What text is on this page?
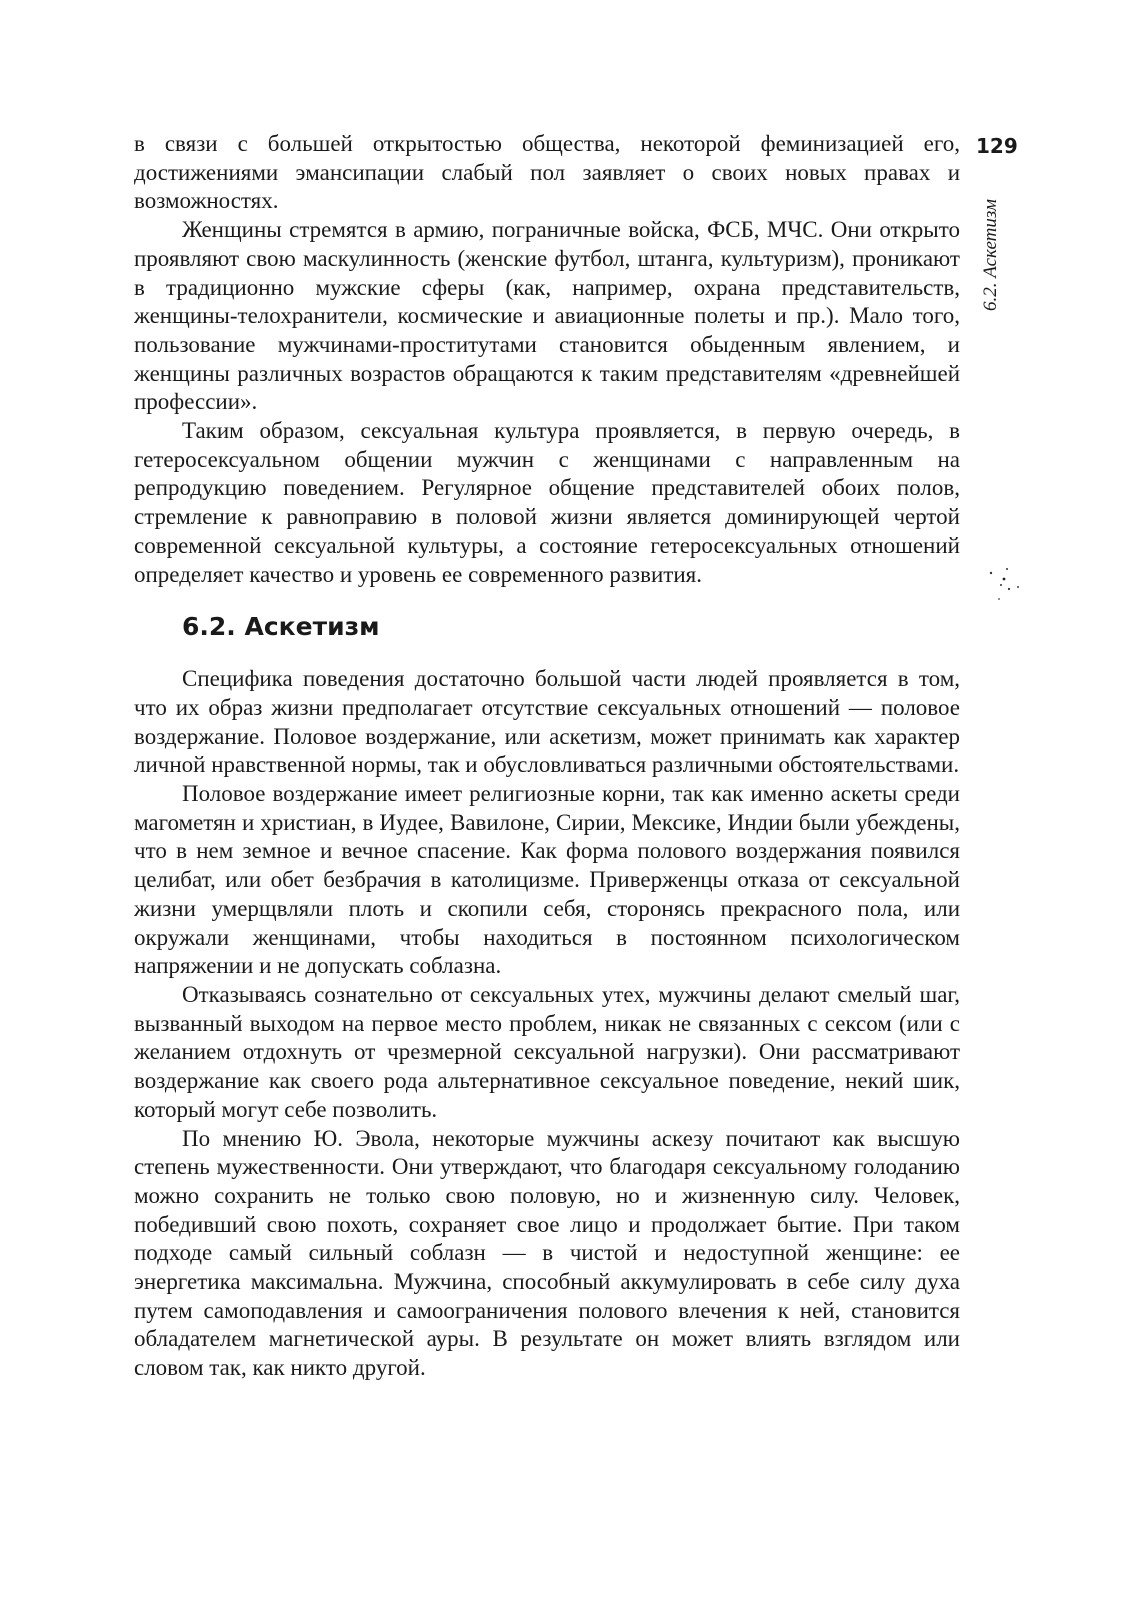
129
6.2. Аскетизм

в связи с большей открытостью общества, некоторой феминизацией его, достижениями эмансипации слабый пол заявляет о своих новых правах и возможностях.

Женщины стремятся в армию, пограничные войска, ФСБ, МЧС. Они открыто проявляют свою маскулинность (женские футбол, штанга, культуризм), проникают в традиционно мужские сферы (как, например, охрана представительств, женщины-телохранители, космические и авиационные полеты и пр.). Мало того, пользование мужчинами-проститутами становится обыденным явлением, и женщины различных возрастов обращаются к таким представителям «древнейшей профессии».

Таким образом, сексуальная культура проявляется, в первую очередь, в гетеросексуальном общении мужчин с женщинами с направленным на репродукцию поведением. Регулярное общение представителей обоих полов, стремление к равноправию в половой жизни является доминирующей чертой современной сексуальной культуры, а состояние гетеросексуальных отношений определяет качество и уровень ее современного развития.

6.2. Аскетизм

Специфика поведения достаточно большой части людей проявляется в том, что их образ жизни предполагает отсутствие сексуальных отношений — половое воздержание. Половое воздержание, или аскетизм, может принимать как характер личной нравственной нормы, так и обусловливаться различными обстоятельствами.

Половое воздержание имеет религиозные корни, так как именно аскеты среди магометян и христиан, в Иудее, Вавилоне, Сирии, Мексике, Индии были убеждены, что в нем земное и вечное спасение. Как форма полового воздержания появился целибат, или обет безбрачия в католицизме. Приверженцы отказа от сексуальной жизни умерщвляли плоть и скопили себя, сторонясь прекрасного пола, или окружали женщинами, чтобы находиться в постоянном психологическом напряжении и не допускать соблазна.

Отказываясь сознательно от сексуальных утех, мужчины делают смелый шаг, вызванный выходом на первое место проблем, никак не связанных с сексом (или с желанием отдохнуть от чрезмерной сексуальной нагрузки). Они рассматривают воздержание как своего рода альтернативное сексуальное поведение, некий шик, который могут себе позволить.

По мнению Ю. Эвола, некоторые мужчины аскезу почитают как высшую степень мужественности. Они утверждают, что благодаря сексуальному голоданию можно сохранить не только свою половую, но и жизненную силу. Человек, победивший свою похоть, сохраняет свое лицо и продолжает бытие. При таком подходе самый сильный соблазн — в чистой и недоступной женщине: ее энергетика максимальна. Мужчина, способный аккумулировать в себе силу духа путем самоподавления и самоограничения полового влечения к ней, становится обладателем магнетической ауры. В результате он может влиять взглядом или словом так, как никто другой.
